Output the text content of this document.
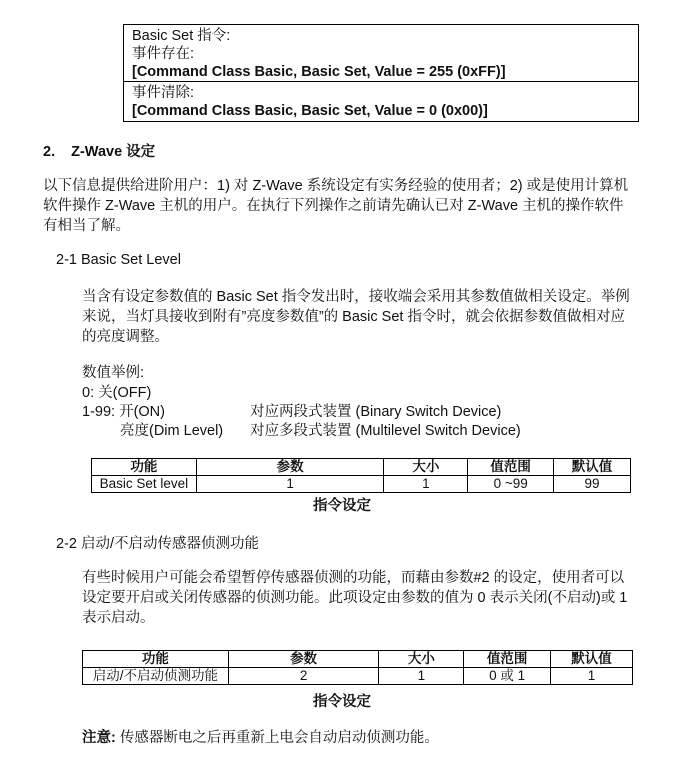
Basic Set 指令:
事件存在:
[Command Class Basic, Basic Set, Value = 255 (0xFF)]
事件清除:
[Command Class Basic, Basic Set, Value = 0 (0x00)]
2. Z-Wave 设定
以下信息提供给进阶用户：1) 对 Z-Wave 系统设定有实务经验的使用者；2) 或是使用计算机软件操作 Z-Wave 主机的用户。在执行下列操作之前请先确认已对 Z-Wave 主机的操作软件有相当了解。
2-1 Basic Set Level
当含有设定参数值的 Basic Set 指令发出时，接收端会采用其参数值做相关设定。举例来说，当灯具接收到附有”亮度参数值”的 Basic Set 指令时，就会依据参数值做相对应的亮度调整。
数值举例:
0: 关(OFF)
1-99: 开(ON)	对应两段式装置 (Binary Switch Device)
亮度(Dim Level) 对应多段式装置 (Multilevel Switch Device)
功能	参数	大小	值范围	默认值
Basic Set level	1	1	0 ~99	99
指令设定
2-2 启动/不启动传感器侦测功能
有些时候用户可能会希望暂停传感器侦测的功能，而藉由参数#2 的设定，使用者可以设定要开启或关闭传感器的侦测功能。此项设定由参数的值为 0 表示关闭(不启动)或 1 表示启动。
功能	参数	大小	值范围	默认值
启动/不启动侦测功能	2	1	0 或 1	1
指令设定
注意: 传感器断电之后再重新上电会自动启动侦测功能。
